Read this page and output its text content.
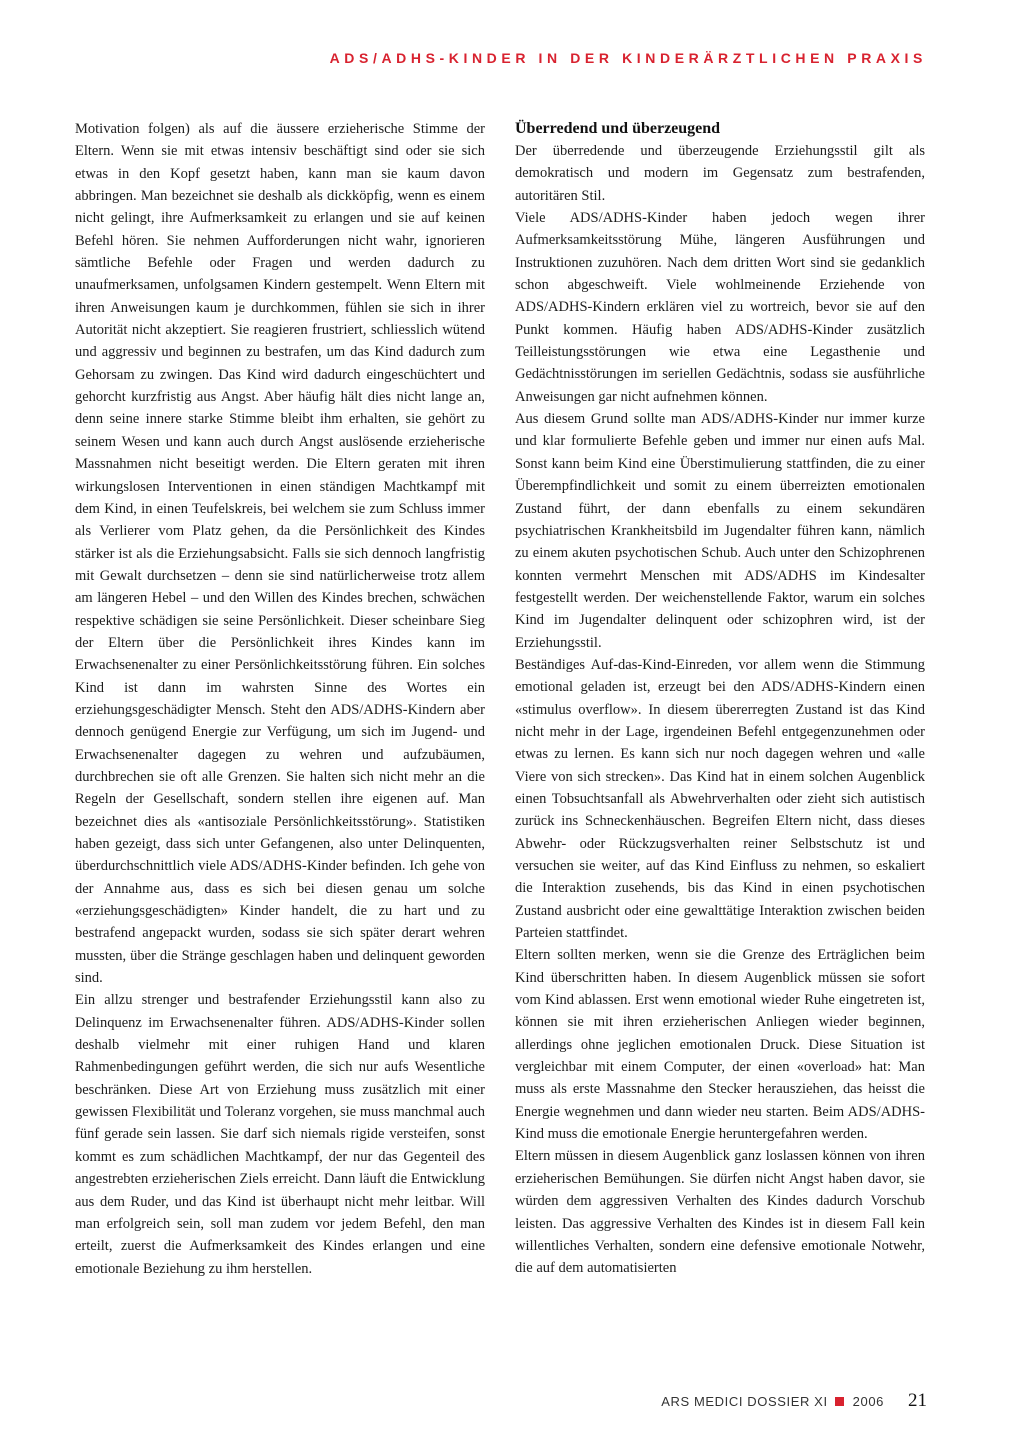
ADS/ADHS-KINDER IN DER KINDERÄRZTLICHEN PRAXIS

Motivation folgen) als auf die äussere erzieherische Stimme der Eltern. Wenn sie mit etwas intensiv beschäftigt sind oder sie sich etwas in den Kopf gesetzt haben, kann man sie kaum davon abbringen. Man bezeichnet sie deshalb als dickköpfig, wenn es einem nicht gelingt, ihre Aufmerksamkeit zu erlangen und sie auf keinen Befehl hören. Sie nehmen Aufforderungen nicht wahr, ignorieren sämtliche Befehle oder Fragen und werden dadurch zu unaufmerksamen, unfolgsamen Kindern gestempelt. Wenn Eltern mit ihren Anweisungen kaum je durchkommen, fühlen sie sich in ihrer Autorität nicht akzeptiert. Sie reagieren frustriert, schliesslich wütend und aggressiv und beginnen zu bestrafen, um das Kind dadurch zum Gehorsam zu zwingen. Das Kind wird dadurch eingeschüchtert und gehorcht kurzfristig aus Angst. Aber häufig hält dies nicht lange an, denn seine innere starke Stimme bleibt ihm erhalten, sie gehört zu seinem Wesen und kann auch durch Angst auslösende erzieherische Massnahmen nicht beseitigt werden. Die Eltern geraten mit ihren wirkungslosen Interventionen in einen ständigen Machtkampf mit dem Kind, in einen Teufelskreis, bei welchem sie zum Schluss immer als Verlierer vom Platz gehen, da die Persönlichkeit des Kindes stärker ist als die Erziehungsabsicht. Falls sie sich dennoch langfristig mit Gewalt durchsetzen – denn sie sind natürlicherweise trotz allem am längeren Hebel – und den Willen des Kindes brechen, schwächen respektive schädigen sie seine Persönlichkeit. Dieser scheinbare Sieg der Eltern über die Persönlichkeit ihres Kindes kann im Erwachsenenalter zu einer Persönlichkeitsstörung führen. Ein solches Kind ist dann im wahrsten Sinne des Wortes ein erziehungsgeschädigter Mensch. Steht den ADS/ADHS-Kindern aber dennoch genügend Energie zur Verfügung, um sich im Jugend- und Erwachsenenalter dagegen zu wehren und aufzubäumen, durchbrechen sie oft alle Grenzen. Sie halten sich nicht mehr an die Regeln der Gesellschaft, sondern stellen ihre eigenen auf. Man bezeichnet dies als «antisoziale Persönlichkeitsstörung». Statistiken haben gezeigt, dass sich unter Gefangenen, also unter Delinquenten, überdurchschnittlich viele ADS/ADHS-Kinder befinden. Ich gehe von der Annahme aus, dass es sich bei diesen genau um solche «erziehungsgeschädigten» Kinder handelt, die zu hart und zu bestrafend angepackt wurden, sodass sie sich später derart wehren mussten, über die Stränge geschlagen haben und delinquent geworden sind.

Ein allzu strenger und bestrafender Erziehungsstil kann also zu Delinquenz im Erwachsenenalter führen. ADS/ADHS-Kinder sollen deshalb vielmehr mit einer ruhigen Hand und klaren Rahmenbedingungen geführt werden, die sich nur aufs Wesentliche beschränken. Diese Art von Erziehung muss zusätzlich mit einer gewissen Flexibilität und Toleranz vorgehen, sie muss manchmal auch fünf gerade sein lassen. Sie darf sich niemals rigide versteifen, sonst kommt es zum schädlichen Machtkampf, der nur das Gegenteil des angestrebten erzieherischen Ziels erreicht. Dann läuft die Entwicklung aus dem Ruder, und das Kind ist überhaupt nicht mehr leitbar. Will man erfolgreich sein, soll man zudem vor jedem Befehl, den man erteilt, zuerst die Aufmerksamkeit des Kindes erlangen und eine emotionale Beziehung zu ihm herstellen.

Überredend und überzeugend

Der überredende und überzeugende Erziehungsstil gilt als demokratisch und modern im Gegensatz zum bestrafenden, autoritären Stil.

Viele ADS/ADHS-Kinder haben jedoch wegen ihrer Aufmerksamkeitsstörung Mühe, längeren Ausführungen und Instruktionen zuzuhören. Nach dem dritten Wort sind sie gedanklich schon abgeschweift. Viele wohlmeinende Erziehende von ADS/ADHS-Kindern erklären viel zu wortreich, bevor sie auf den Punkt kommen. Häufig haben ADS/ADHS-Kinder zusätzlich Teilleistungsstörungen wie etwa eine Legasthenie und Gedächtnisstörungen im seriellen Gedächtnis, sodass sie ausführliche Anweisungen gar nicht aufnehmen können.

Aus diesem Grund sollte man ADS/ADHS-Kinder nur immer kurze und klar formulierte Befehle geben und immer nur einen aufs Mal. Sonst kann beim Kind eine Überstimulierung stattfinden, die zu einer Überempfindlichkeit und somit zu einem überreizten emotionalen Zustand führt, der dann ebenfalls zu einem sekundären psychiatrischen Krankheitsbild im Jugendalter führen kann, nämlich zu einem akuten psychotischen Schub. Auch unter den Schizophrenen konnten vermehrt Menschen mit ADS/ADHS im Kindesalter festgestellt werden. Der weichenstellende Faktor, warum ein solches Kind im Jugendalter delinquent oder schizophren wird, ist der Erziehungsstil.

Beständiges Auf-das-Kind-Einreden, vor allem wenn die Stimmung emotional geladen ist, erzeugt bei den ADS/ADHS-Kindern einen «stimulus overflow». In diesem übererregten Zustand ist das Kind nicht mehr in der Lage, irgendeinen Befehl entgegenzunehmen oder etwas zu lernen. Es kann sich nur noch dagegen wehren und «alle Viere von sich strecken». Das Kind hat in einem solchen Augenblick einen Tobsuchtsanfall als Abwehrverhalten oder zieht sich autistisch zurück ins Schneckenhäuschen. Begreifen Eltern nicht, dass dieses Abwehr- oder Rückzugsverhalten reiner Selbstschutz ist und versuchen sie weiter, auf das Kind Einfluss zu nehmen, so eskaliert die Interaktion zusehends, bis das Kind in einen psychotischen Zustand ausbricht oder eine gewalttätige Interaktion zwischen beiden Parteien stattfindet.

Eltern sollten merken, wenn sie die Grenze des Erträglichen beim Kind überschritten haben. In diesem Augenblick müssen sie sofort vom Kind ablassen. Erst wenn emotional wieder Ruhe eingetreten ist, können sie mit ihren erzieherischen Anliegen wieder beginnen, allerdings ohne jeglichen emotionalen Druck. Diese Situation ist vergleichbar mit einem Computer, der einen «overload» hat: Man muss als erste Massnahme den Stecker herausziehen, das heisst die Energie wegnehmen und dann wieder neu starten. Beim ADS/ADHS-Kind muss die emotionale Energie heruntergefahren werden.

Eltern müssen in diesem Augenblick ganz loslassen können von ihren erzieherischen Bemühungen. Sie dürfen nicht Angst haben davor, sie würden dem aggressiven Verhalten des Kindes dadurch Vorschub leisten. Das aggressive Verhalten des Kindes ist in diesem Fall kein willentliches Verhalten, sondern eine defensive emotionale Notwehr, die auf dem automatisierten

ARS MEDICI DOSSIER XI 2006 21
